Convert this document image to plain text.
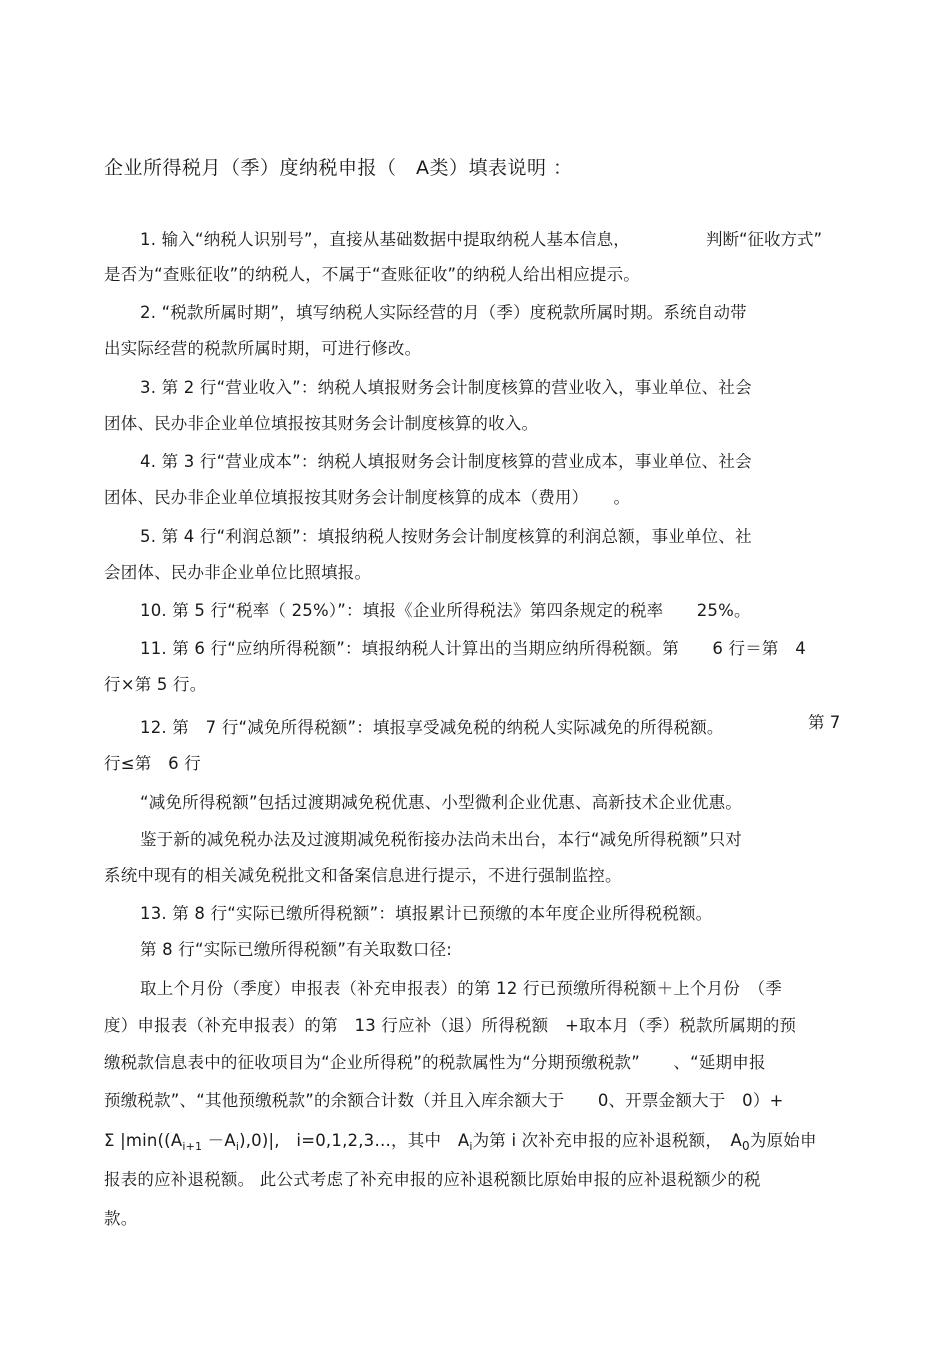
企业所得税月（季）度纳税申报（　A类）填表说明 ：
1. 输入“纳税人识别号”，直接从基础数据中提取纳税人基本信息，	判断“征收方式”
是否为“查账征收”的纳税人，不属于“查账征收”的纳税人给出相应提示。
2. “税款所属时期”，填写纳税人实际经营的月（季）度税款所属时期。系统自动带
出实际经营的税款所属时期，可进行修改。
3. 第 2 行“营业收入”：纳税人填报财务会计制度核算的营业收入，事业单位、社会
团体、民办非企业单位填报按其财务会计制度核算的收入。
4. 第 3 行“营业成本”：纳税人填报财务会计制度核算的营业成本，事业单位、社会
团体、民办非企业单位填报按其财务会计制度核算的成本（费用）　　。
5. 第 4 行“利润总额”：填报纳税人按财务会计制度核算的利润总额，事业单位、社
会团体、民办非企业单位比照填报。
10. 第 5 行“税率（ 25%）”：填报《企业所得税法》第四条规定的税率　　25%。
11. 第 6 行“应纳所得税额”：填报纳税人计算出的当期应纳所得税额。第　　6 行＝第　4
行×第 5 行。
12. 第　7 行“减免所得税额”：填报享受减免税的纳税人实际减免的所得税额。	第 7
行≤第　6 行
“减免所得税额”包括过渡期减免税优惠、小型微利企业优惠、高新技术企业优惠。
鉴于新的减免税办法及过渡期减免税衔接办法尚未出台，本行“减免所得税额”只对
系统中现有的相关减免税批文和备案信息进行提示，不进行强制监控。
13. 第 8 行“实际已缴所得税额”：填报累计已预缴的本年度企业所得税税额。
第 8 行“实际已缴所得税额”有关取数口径:
取上个月份（季度）申报表（补充申报表）的第 12 行已预缴所得税额＋上个月份　（季
度）申报表（补充申报表）的第　13 行应补（退）所得税额　+取本月（季）税款所属期的预
缴税款信息表中的征收项目为“企业所得税”的税款属性为“分期预缴税款”　　、“延期申报
预缴税款”、“其他预缴税款”的余额合计数（并且入库余额大于　　0、开票金额大于　0）+
Σ $|\min((A_{i+1} -A_i),0)|$,　i=0,1,2,3…，其中　$A_i$为第 i 次补充申报的应补退税额，　$A_0$为原始申
报表的应补退税额。 此公式考虑了补充申报的应补退税额比原始申报的应补退税额少的税
款。
